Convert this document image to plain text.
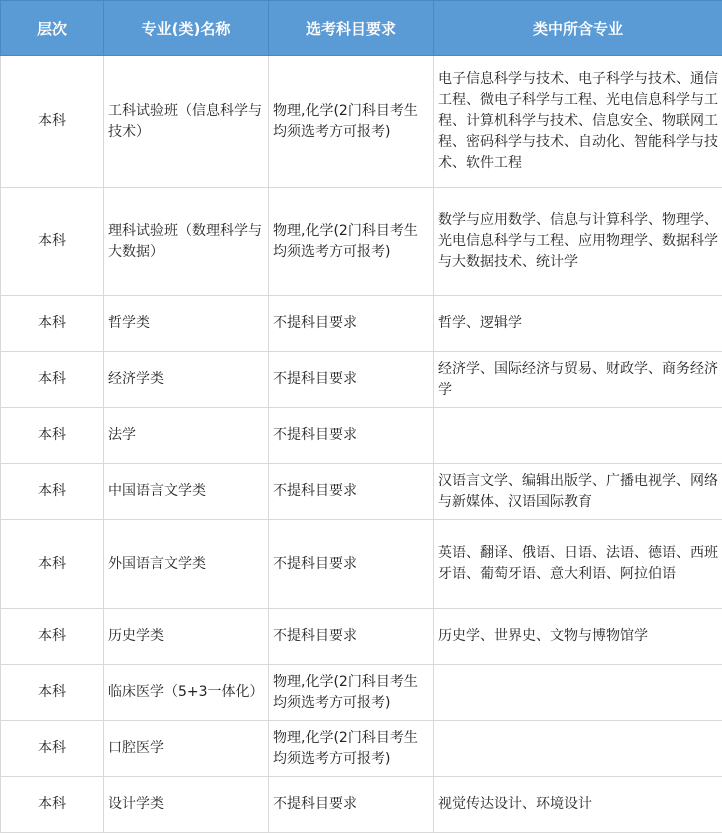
层次	专业(类)名称	选考科目要求	类中所含专业
本科	工科试验班（信息科学与技术）	物理,化学(2门科目考生均须选考方可报考)	电子信息科学与技术、电子科学与技术、通信工程、微电子科学与工程、光电信息科学与工程、计算机科学与技术、信息安全、物联网工程、密码科学与技术、自动化、智能科学与技术、软件工程
本科	理科试验班（数理科学与大数据）	物理,化学(2门科目考生均须选考方可报考)	数学与应用数学、信息与计算科学、物理学、光电信息科学与工程、应用物理学、数据科学与大数据技术、统计学
本科	哲学类	不提科目要求	哲学、逻辑学
本科	经济学类	不提科目要求	经济学、国际经济与贸易、财政学、商务经济学
本科	法学	不提科目要求	
本科	中国语言文学类	不提科目要求	汉语言文学、编辑出版学、广播电视学、网络与新媒体、汉语国际教育
本科	外国语言文学类	不提科目要求	英语、翻译、俄语、日语、法语、德语、西班牙语、葡萄牙语、意大利语、阿拉伯语
本科	历史学类	不提科目要求	历史学、世界史、文物与博物馆学
本科	临床医学（5+3一体化）	物理,化学(2门科目考生均须选考方可报考)	
本科	口腔医学	物理,化学(2门科目考生均须选考方可报考)	
本科	设计学类	不提科目要求	视觉传达设计、环境设计
